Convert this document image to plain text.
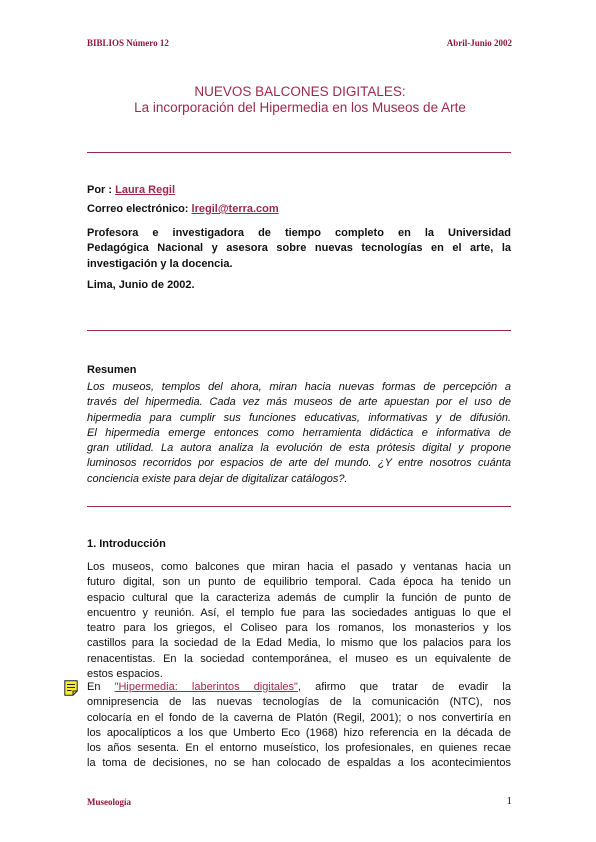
BIBLIOS Número 12	Abril-Junio 2002
NUEVOS BALCONES DIGITALES:
La incorporación del Hipermedia en los Museos de Arte
Por : Laura Regil
Correo electrónico: lregil@terra.com
Profesora e investigadora de tiempo completo en la Universidad
Pedagógica Nacional y asesora sobre nuevas tecnologías en el arte, la
investigación y la docencia.
Lima, Junio de 2002.
Resumen
Los museos, templos del ahora, miran hacia nuevas formas de percepción a
través del hipermedia. Cada vez más museos de arte apuestan por el uso de
hipermedia para cumplir sus funciones educativas, informativas y de difusión.
El hipermedia emerge entonces como herramienta didáctica e informativa de
gran utilidad. La autora analiza la evolución de esta prótesis digital y propone
luminosos recorridos por espacios de arte del mundo. ¿Y entre nosotros cuánta
conciencia existe para dejar de digitalizar catálogos?.
1. Introducción
Los museos, como balcones que miran hacia el pasado y ventanas hacia un
futuro digital, son un punto de equilibrio temporal. Cada época ha tenido un
espacio cultural que la caracteriza además de cumplir la función de punto de
encuentro y reunión. Así, el templo fue para las sociedades antiguas lo que el
teatro para los griegos, el Coliseo para los romanos, los monasterios y los
castillos para la sociedad de la Edad Media, lo mismo que los palacios para los
renacentistas. En la sociedad contemporánea, el museo es un equivalente de
estos espacios.
En "Hipermedia: laberintos digitales", afirmo que tratar de evadir la
omnipresencia de las nuevas tecnologías de la comunicación (NTC), nos
colocaría en el fondo de la caverna de Platón (Regil, 2001); o nos convertiría en
los apocalípticos a los que Umberto Eco (1968) hizo referencia en la década de
los años sesenta. En el entorno museístico, los profesionales, en quienes recae
la toma de decisiones, no se han colocado de espaldas a los acontecimientos
Museología	1
